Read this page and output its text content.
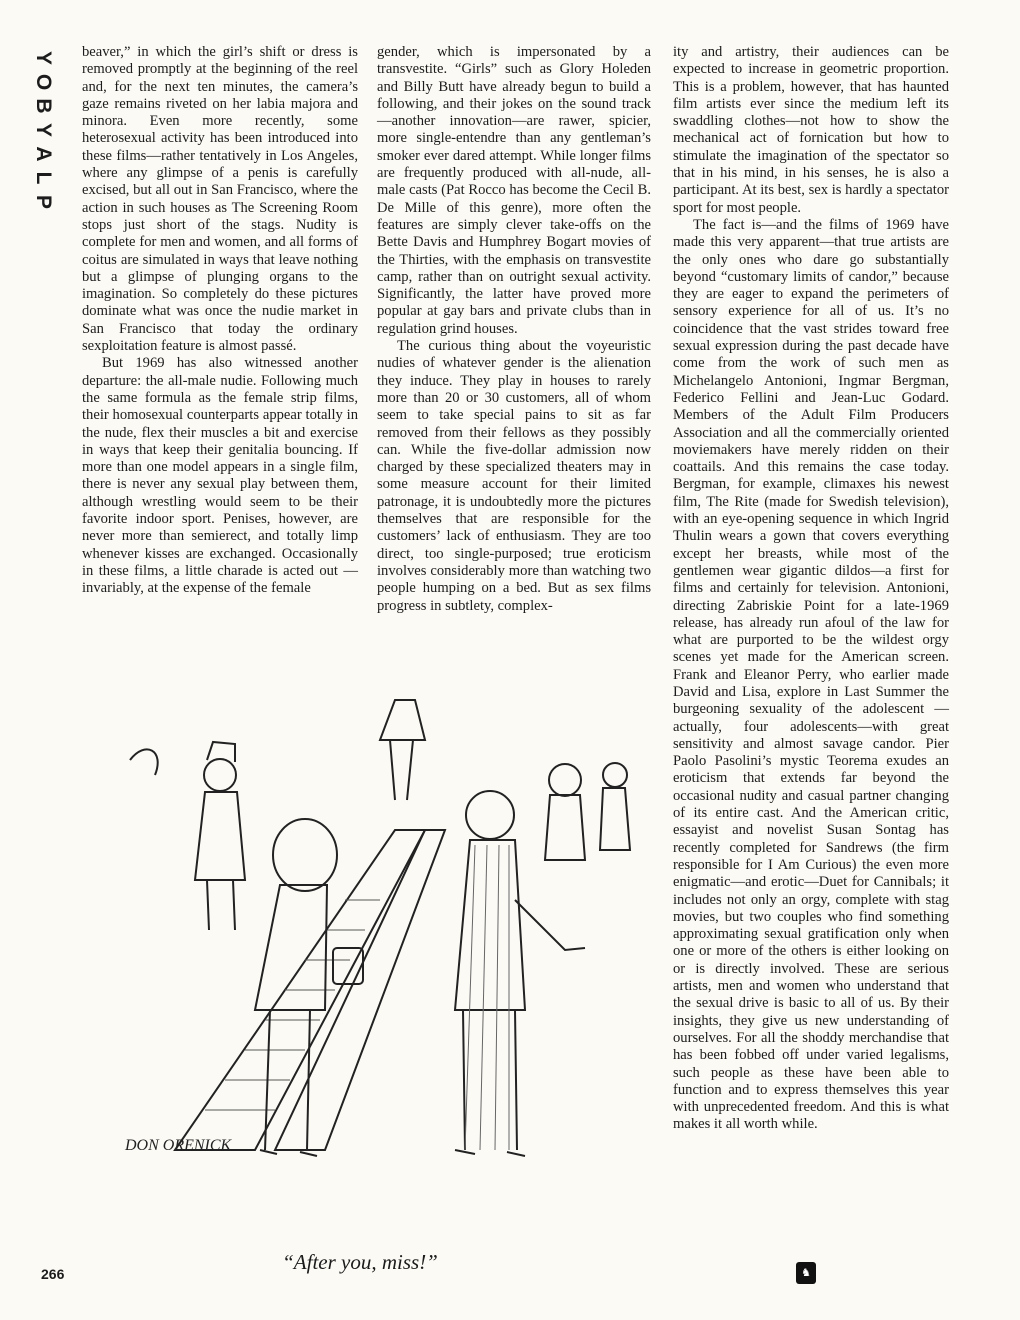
P
L
A
Y
B
O
Y beaver,” in which the girl’s shift or dress is removed promptly at the beginning of the reel and, for the next ten minutes, the camera’s gaze remains riveted on her labia majora and minora. Even more recently, some heterosexual activity has been introduced into these films—rather tentatively in Los Angeles, where any glimpse of a penis is carefully excised, but all out in San Francisco, where the action in such houses as The Screening Room stops just short of the stags. Nudity is complete for men and women, and all forms of coitus are simulated in ways that leave nothing but a glimpse of plunging organs to the imagination. So completely do these pictures dominate what was once the nudie market in San Francisco that today the ordinary sexploitation feature is almost passé.

But 1969 has also witnessed another departure: the all-male nudie. Following much the same formula as the female strip films, their homosexual counterparts appear totally in the nude, flex their muscles a bit and exercise in ways that keep their genitalia bouncing. If more than one model appears in a single film, there is never any sexual play between them, although wrestling would seem to be their favorite indoor sport. Penises, however, are never more than semierect, and totally limp whenever kisses are exchanged. Occasionally in these films, a little charade is acted out —invariably, at the expense of the female

gender, which is impersonated by a transvestite. “Girls” such as Glory Holeden and Billy Butt have already begun to build a following, and their jokes on the sound track—another innovation—are rawer, spicier, more single-entendre than any gentleman’s smoker ever dared attempt. While longer films are frequently produced with all-nude, all-male casts (Pat Rocco has become the Cecil B. De Mille of this genre), more often the features are simply clever take-offs on the Bette Davis and Humphrey Bogart movies of the Thirties, with the emphasis on transvestite camp, rather than on outright sexual activity. Significantly, the latter have proved more popular at gay bars and private clubs than in regulation grind houses.

The curious thing about the voyeuristic nudies of whatever gender is the alienation they induce. They play in houses to rarely more than 20 or 30 customers, all of whom seem to take special pains to sit as far removed from their fellows as they possibly can. While the five-dollar admission now charged by these specialized theaters may in some measure account for their limited patronage, it is undoubtedly more the pictures themselves that are responsible for the customers’ lack of enthusiasm. They are too direct, too single-purposed; true eroticism involves considerably more than watching two people humping on a bed. But as sex films progress in subtlety, complex-

ity and artistry, their audiences can be expected to increase in geometric proportion. This is a problem, however, that has haunted film artists ever since the medium left its swaddling clothes—not how to show the mechanical act of fornication but how to stimulate the imagination of the spectator so that in his mind, in his senses, he is also a participant. At its best, sex is hardly a spectator sport for most people.

The fact is—and the films of 1969 have made this very apparent—that true artists are the only ones who dare go substantially beyond “customary limits of candor,” because they are eager to expand the perimeters of sensory experience for all of us. It’s no coincidence that the vast strides toward free sexual expression during the past decade have come from the work of such men as Michelangelo Antonioni, Ingmar Bergman, Federico Fellini and Jean-Luc Godard. Members of the Adult Film Producers Association and all the commercially oriented moviemakers have merely ridden on their coattails. And this remains the case today. Bergman, for example, climaxes his newest film, The Rite (made for Swedish television), with an eye-opening sequence in which Ingrid Thulin wears a gown that covers everything except her breasts, while most of the gentlemen wear gigantic dildos—a first for films and certainly for television. Antonioni, directing Zabriskie Point for a late-1969 release, has already run afoul of the law for what are purported to be the wildest orgy scenes yet made for the American screen. Frank and Eleanor Perry, who earlier made David and Lisa, explore in Last Summer the burgeoning sexuality of the adolescent —actually, four adolescents—with great sensitivity and almost savage candor. Pier Paolo Pasolini’s mystic Teorema exudes an eroticism that extends far beyond the occasional nudity and casual partner changing of its entire cast. And the American critic, essayist and novelist Susan Sontag has recently completed for Sandrews (the firm responsible for I Am Curious) the even more enigmatic—and erotic—Duet for Cannibals; it includes not only an orgy, complete with stag movies, but two couples who find something approximating sexual gratification only when one or more of the others is either looking on or is directly involved. These are serious artists, men and women who understand that the sexual drive is basic to all of us. By their insights, they give us new understanding of ourselves. For all the shoddy merchandise that has been fobbed off under varied legalisms, such people as these have been able to function and to express themselves this year with unprecedented freedom. And this is what makes it all worth while.

DON ORENICK
266	“After you, miss!”	♞
